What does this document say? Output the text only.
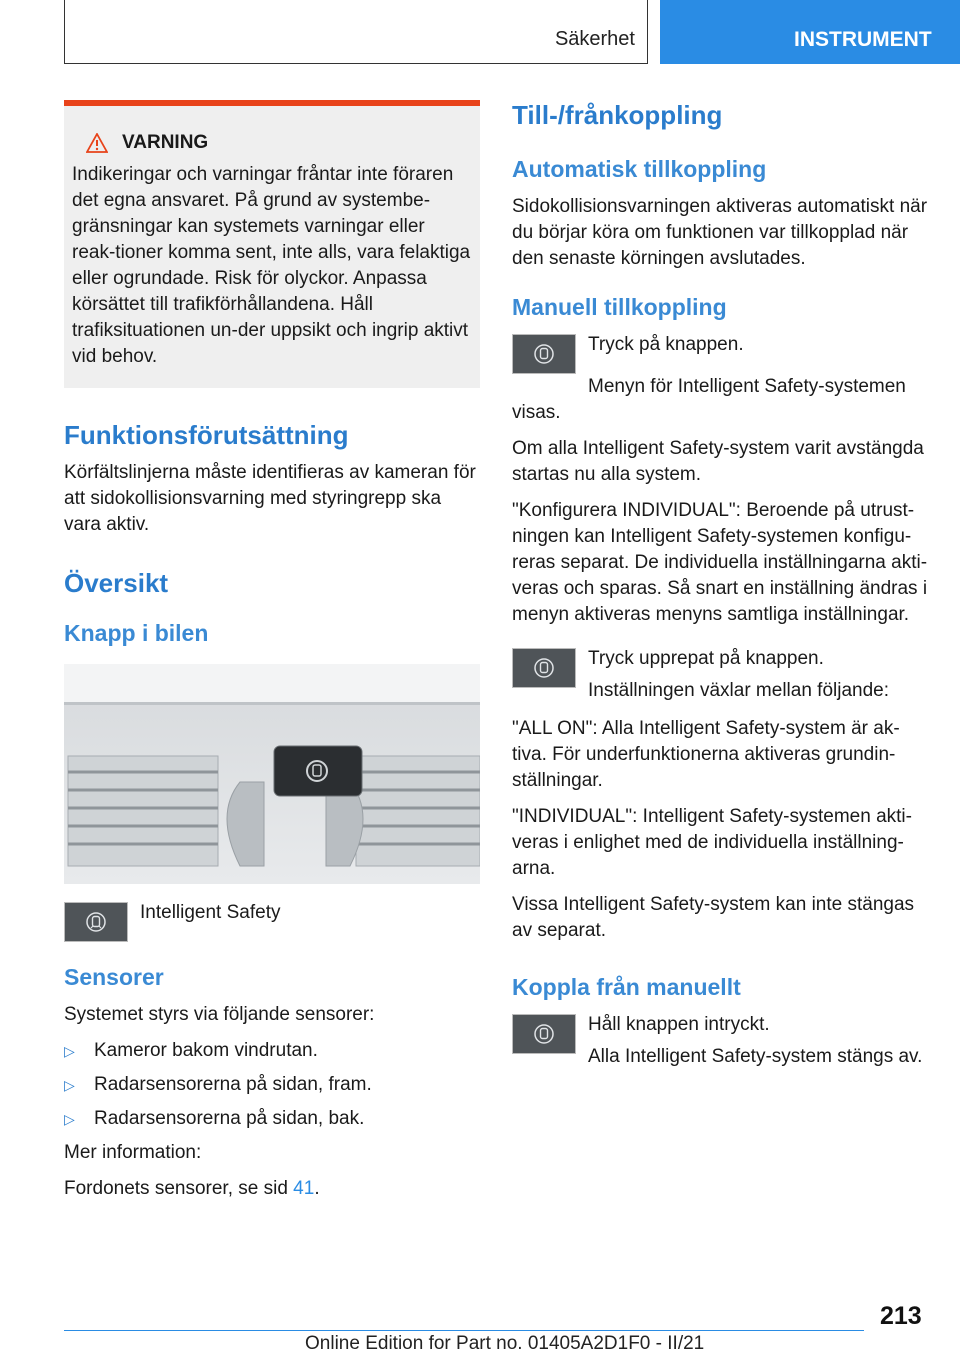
Säkerhet	INSTRUMENT
VARNING

Indikeringar och varningar fråntar inte föraren det egna ansvaret. På grund av systembe-gränsningar kan systemets varningar eller reak-tioner komma sent, inte alls, vara felaktiga eller ogrundade. Risk för olyckor. Anpassa körsättet till trafikförhållandena. Håll trafiksituationen un-der uppsikt och ingrip aktivt vid behov.

Funktionsförutsättning

Körfältslinjerna måste identifieras av kameran för att sidokollisionsvarning med styringrepp ska vara aktiv.

Översikt
Knapp i bilen

Intelligent Safety

Sensorer

Systemet styrs via följande sensorer:

▷	Kameror bakom vindrutan.
▷	Radarsensorerna på sidan, fram.
▷	Radarsensorerna på sidan, bak.

Mer information:

Fordonets sensorer, se sid 41.

Till-/frånkoppling
Automatisk tillkoppling

Sidokollisionsvarningen aktiveras automatiskt när du börjar köra om funktionen var tillkopplad när den senaste körningen avslutades.

Manuell tillkoppling

Tryck på knappen.

Menyn för Intelligent Safety-systemen visas.

Om alla Intelligent Safety-system varit avstängda startas nu alla system.

"Konfigurera INDIVIDUAL": Beroende på utrust-ningen kan Intelligent Safety-systemen konfigu-reras separat. De individuella inställningarna akti-veras och sparas. Så snart en inställning ändras i menyn aktiveras menyns samtliga inställningar.

Tryck upprepat på knappen.

Inställningen växlar mellan följande:

"ALL ON": Alla Intelligent Safety-system är ak-tiva. För underfunktionerna aktiveras grundin-ställningar.

"INDIVIDUAL": Intelligent Safety-systemen akti-veras i enlighet med de individuella inställning-arna.

Vissa Intelligent Safety-system kan inte stängas av separat.

Koppla från manuellt

Håll knappen intryckt.

Alla Intelligent Safety-system stängs av.

213
Online Edition for Part no. 01405A2D1F0 - II/21
